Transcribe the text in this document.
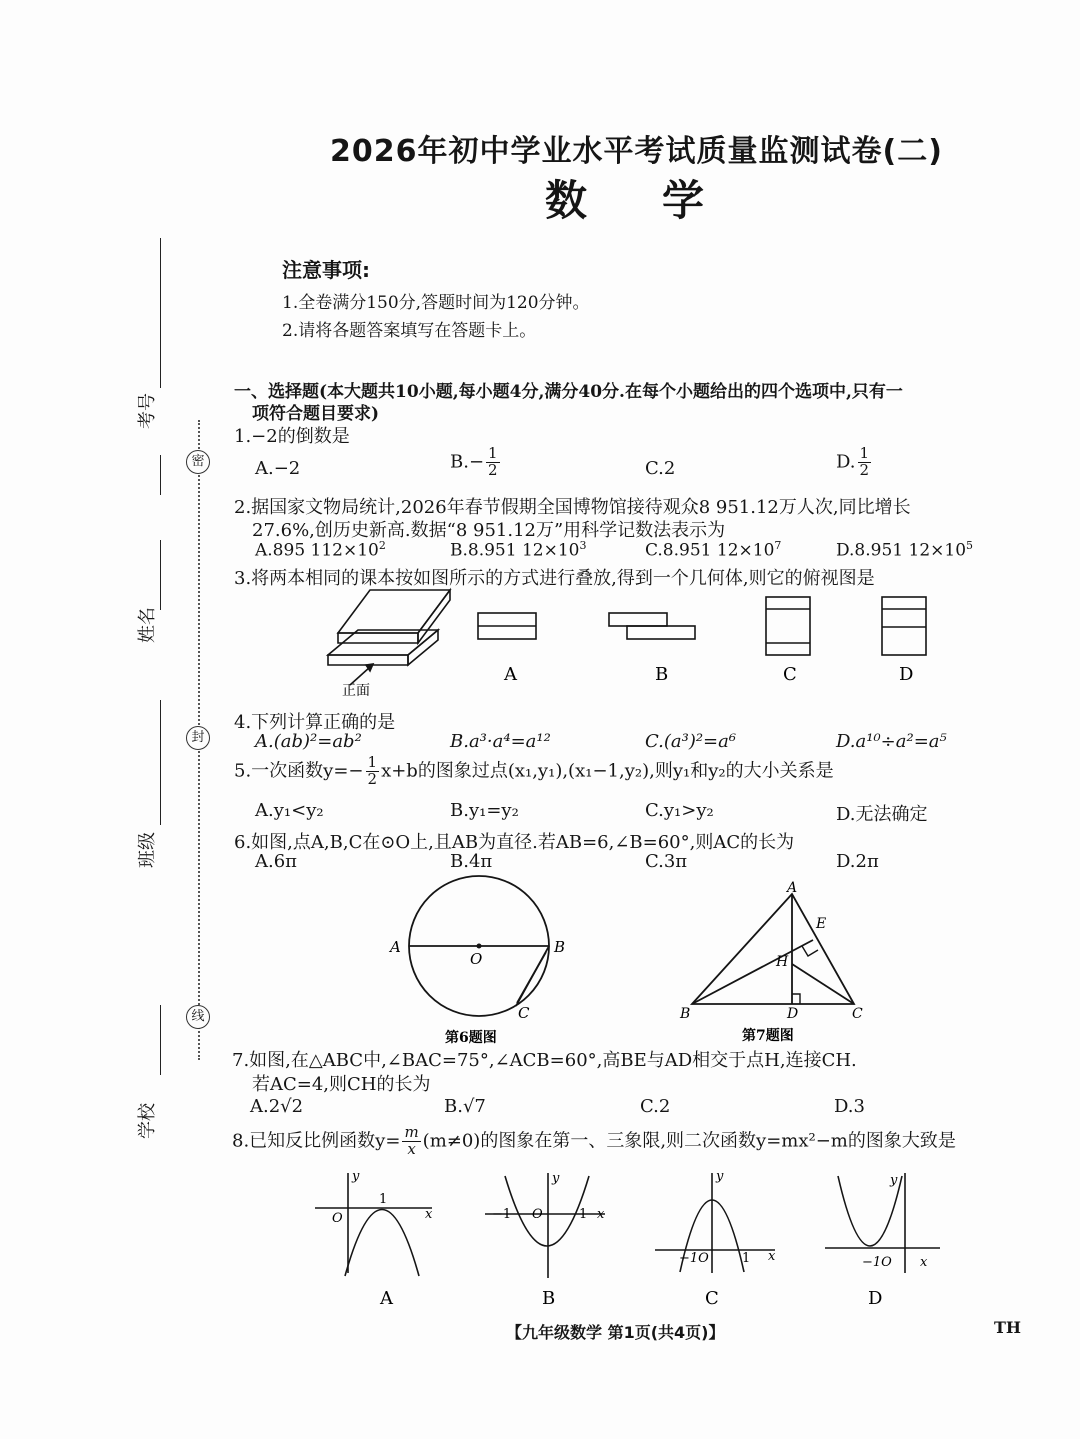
2026年初中学业水平考试质量监测试卷(二)
数 学
考号
姓名
班级
学校
密
封
线
注意事项:
1.全卷满分150分,答题时间为120分钟。
2.请将各题答案填写在答题卡上。
一、选择题(本大题共10小题,每小题4分,满分40分.在每个小题给出的四个选项中,只有一
项符合题目要求)
1.−2的倒数是
A.−2	$B.- \frac{1}{2}$	C.2	D. $\frac{1}{2}$
2.据国家文物局统计,2026年春节假期全国博物馆接待观众8 951.12万人次,同比增长
27.6%,创历史新高.数据“8 951.12万”用科学记数法表示为
A.895 $112\times 10^2$	B.8.951 $12\times 10^3$	C.8.951 $12\times 10^7$	D.8.951 $12\times 10^5$
3.将两本相同的课本按如图所示的方式进行叠放,得到一个几何体,则它的俯视图是
正面
A	B	C	D
4.下列计算正确的是
A.(ab)²=ab²	B.a³·a⁴=a¹²	C.(a³)²=a⁶	D.a¹⁰÷a²=a⁵
5.一次函数$y=- \frac{1}{2} x+b$的图象过点(x₁,y₁),(x₁−1,y₂),则y₁和y₂的大小关系是
A.y₁<y₂	B.y₁=y₂	C.y₁>y₂	D.无法确定
6.如图,点A,B,C在⊙O上,且AB为直径.若AB=6,∠B=60°,则AC的长为
A.6π	B.4π	C.3π	D.2π
A	B
O
C
第6题图
A
E
H
B	D	C
第7题图
7.如图,在△ABC中,∠BAC=75°,∠ACB=60°,高BE与AD相交于点H,连接CH.
若AC=4,则CH的长为
A.2√2	B.√7	C.2	D.3
8.已知反比例函数$y= \frac{m}{x} (m\ne 0)$的图象在第一、三象限,则二次函数y=mx²−m的图象大致是
y
x
O
1
y
x
−1 O	1
y
x
−1O	1
y
x
−1O
A	B	C	D
【九年级数学 第1页(共4页)】	TH
